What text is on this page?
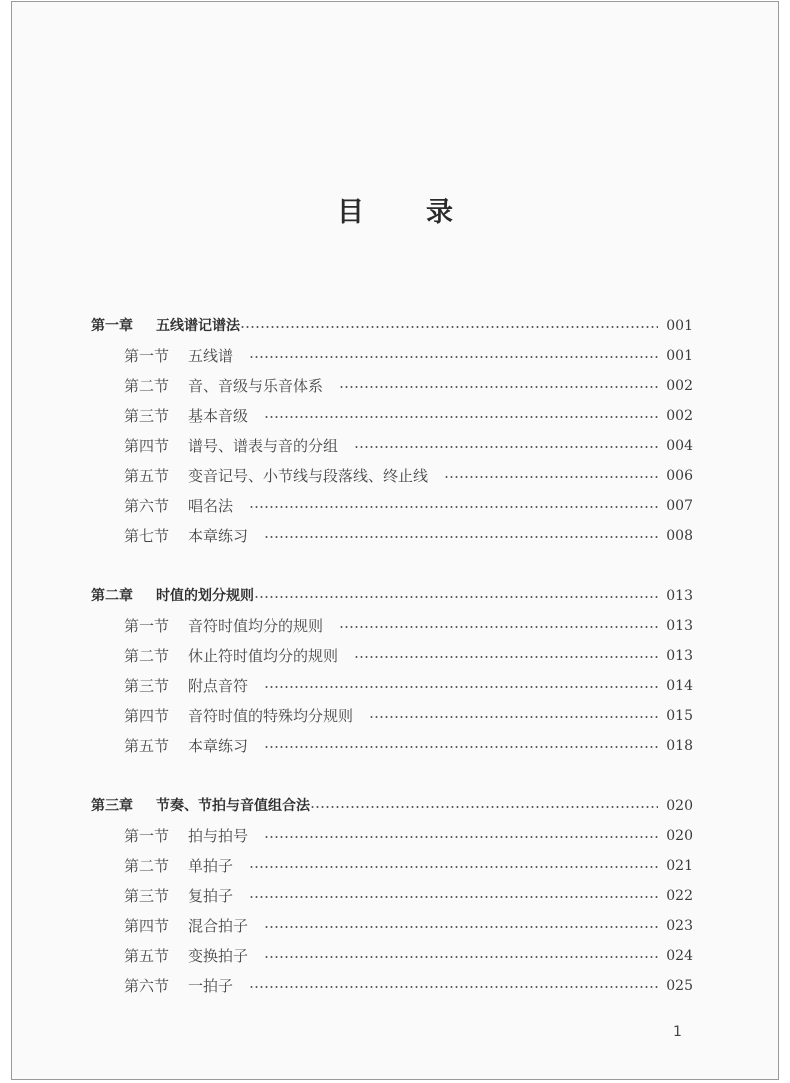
目 录
第一章	五线谱记谱法	001
第一节	五线谱	001
第二节	音、音级与乐音体系	002
第三节	基本音级	002
第四节	谱号、谱表与音的分组	004
第五节	变音记号、小节线与段落线、终止线	006
第六节	唱名法	007
第七节	本章练习	008
第二章	时值的划分规则	013
第一节	音符时值均分的规则	013
第二节	休止符时值均分的规则	013
第三节	附点音符	014
第四节	音符时值的特殊均分规则	015
第五节	本章练习	018
第三章	节奏、节拍与音值组合法	020
第一节	拍与拍号	020
第二节	单拍子	021
第三节	复拍子	022
第四节	混合拍子	023
第五节	变换拍子	024
第六节	一拍子	025
1
